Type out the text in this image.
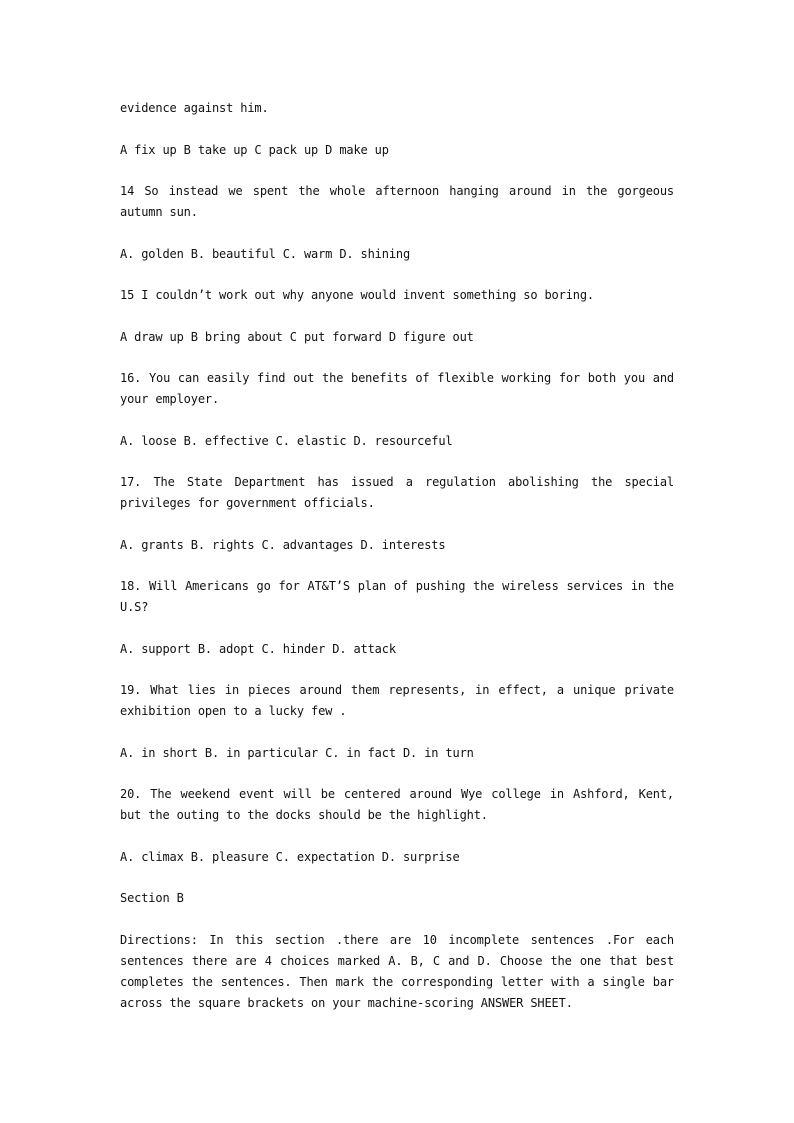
evidence against him.

A fix up B take up C pack up D make up

14 So instead we spent the whole afternoon hanging around in the gorgeous autumn sun.

A. golden B. beautiful C. warm D. shining

15 I couldn’t work out why anyone would invent something so boring.

A draw up B bring about C put forward D figure out

16. You can easily find out the benefits of flexible working for both you and your employer.

A. loose B. effective C. elastic D. resourceful

17. The State Department has issued a regulation abolishing the special privileges for government officials.

A. grants B. rights C. advantages D. interests

18. Will Americans go for AT&T’S plan of pushing the wireless services in the U.S?

A. support B. adopt C. hinder D. attack

19. What lies in pieces around them represents, in effect, a unique private exhibition open to a lucky few .

A. in short B. in particular C. in fact D. in turn

20. The weekend event will be centered around Wye college in Ashford, Kent, but the outing to the docks should be the highlight.

A. climax B. pleasure C. expectation D. surprise

Section B

Directions: In this section .there are 10 incomplete sentences .For each sentences there are 4 choices marked A. B, C and D. Choose the one that best completes the sentences. Then mark the corresponding letter with a single bar across the square brackets on your machine-scoring ANSWER SHEET.
